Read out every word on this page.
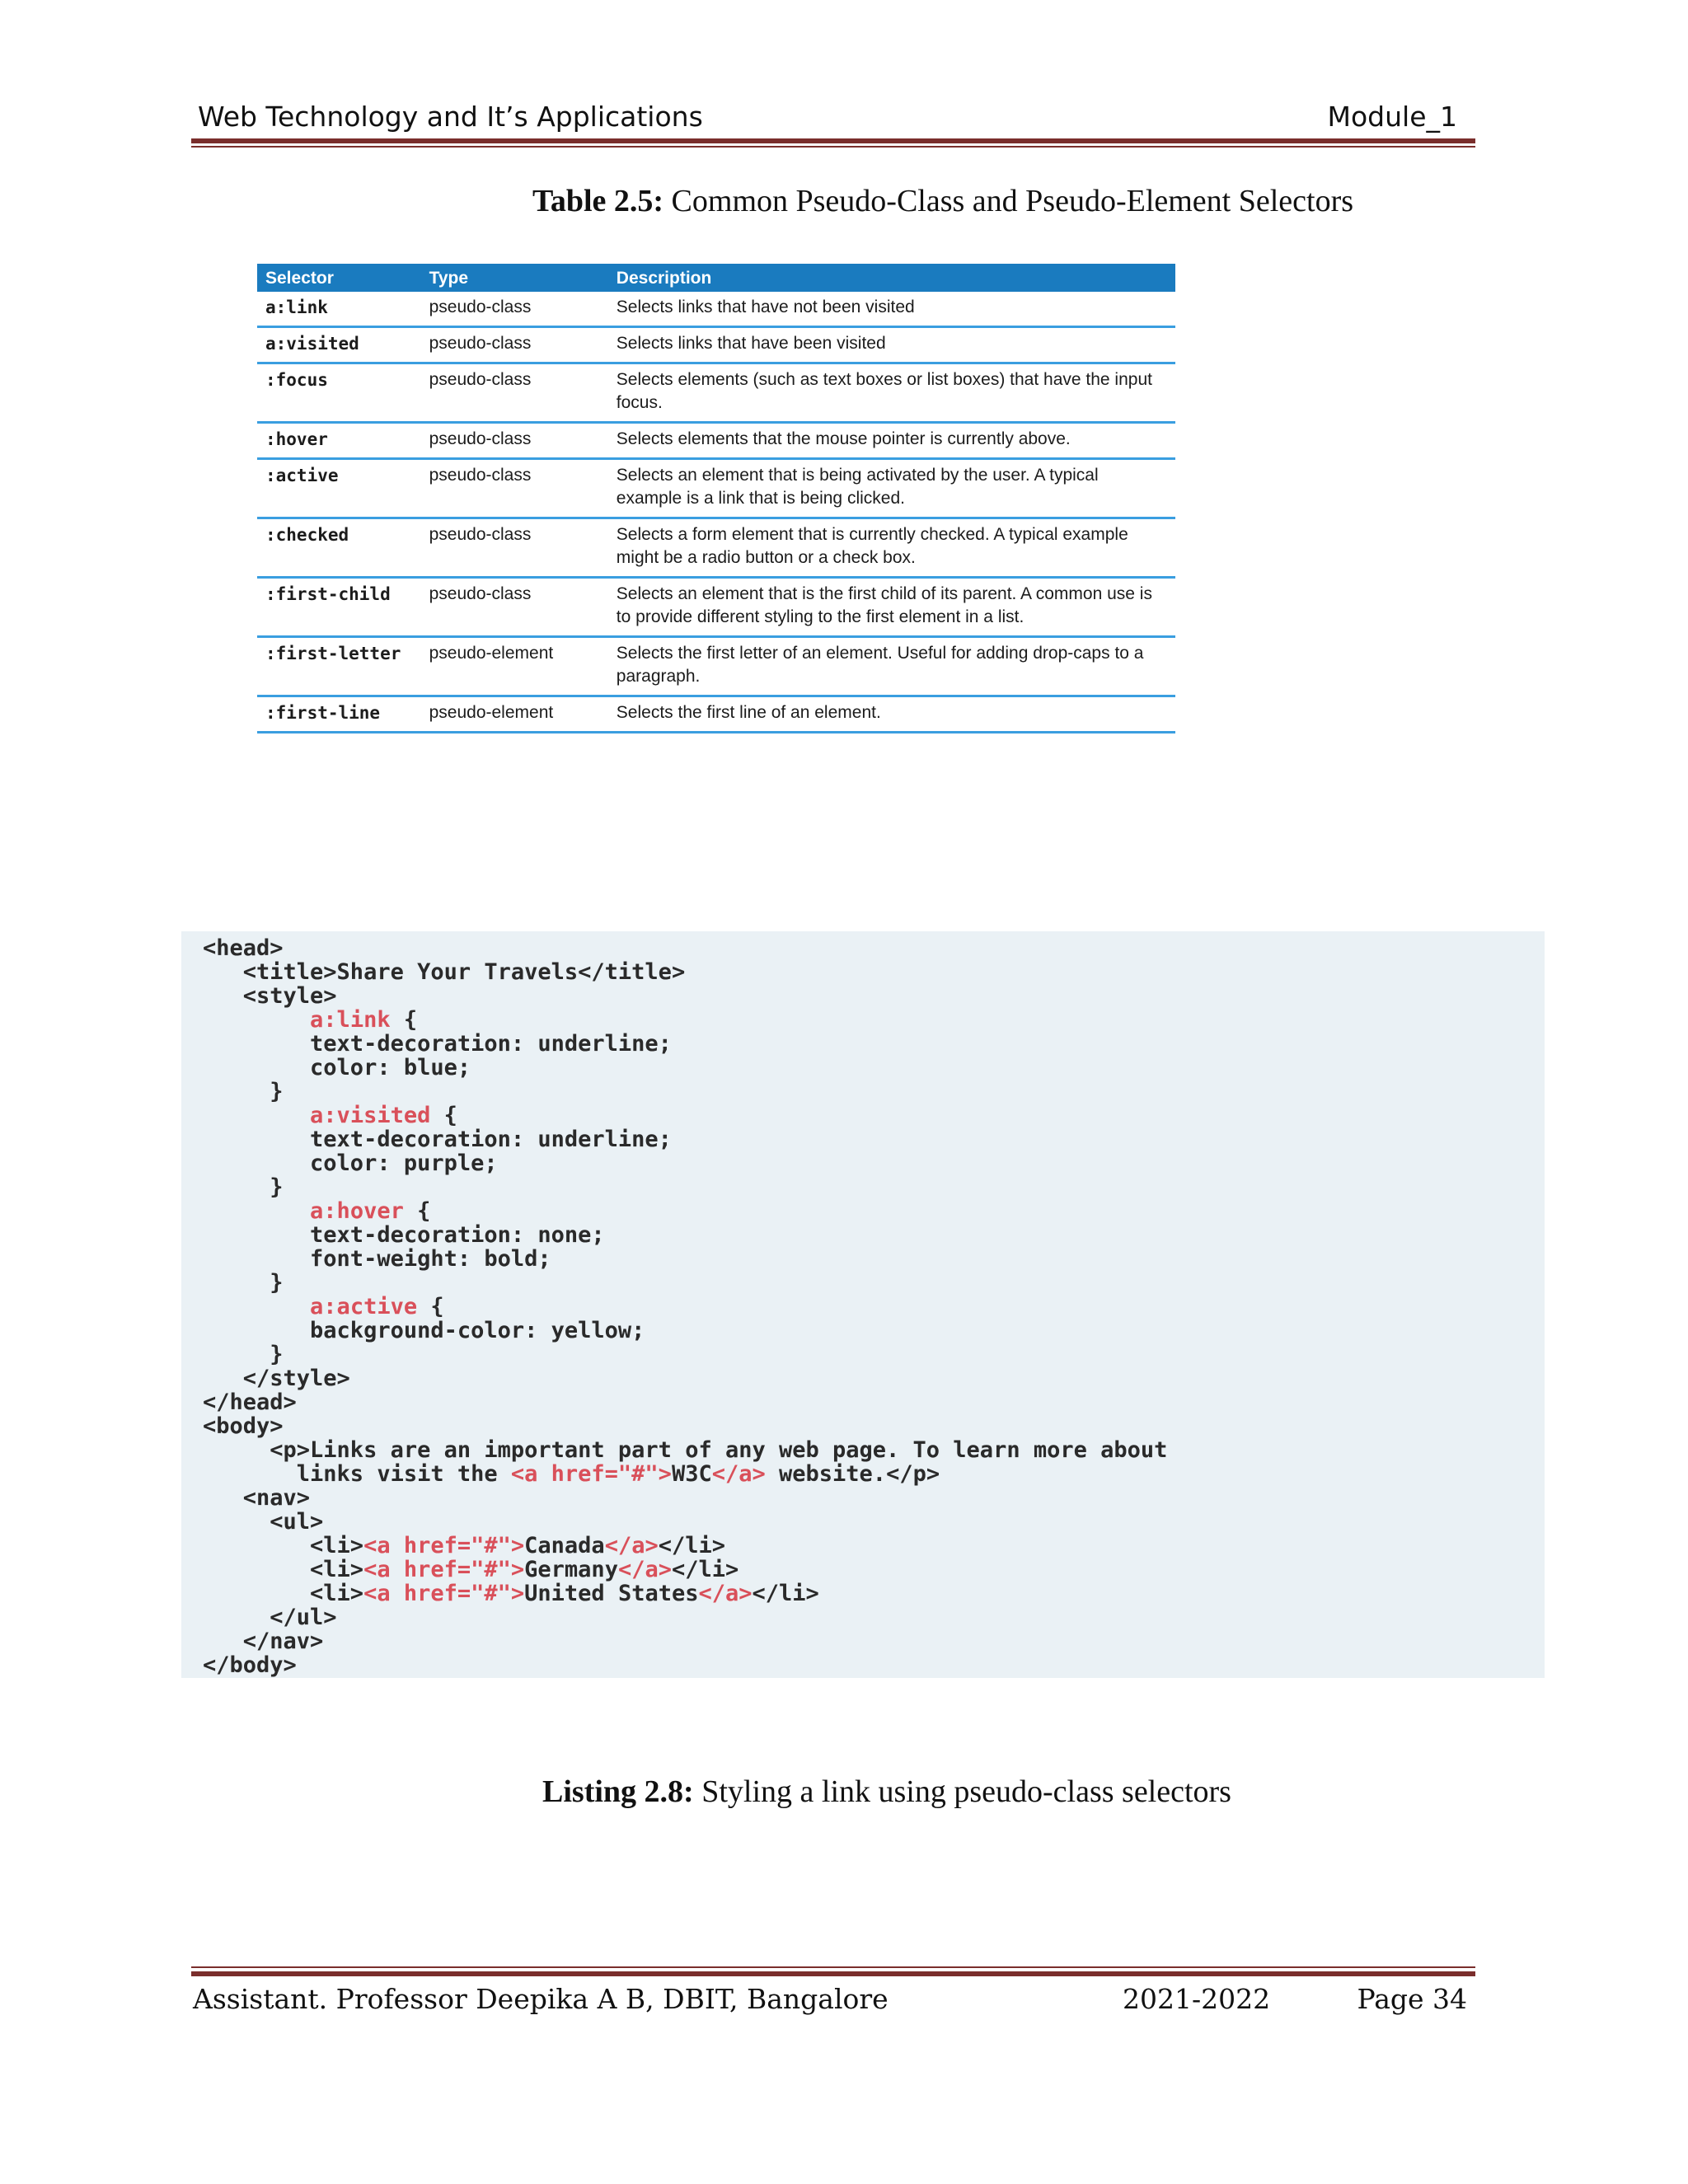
Web Technology and It’s Applications	Module_1
Table 2.5: Common Pseudo-Class and Pseudo-Element Selectors
Selector	Type	Description
a:link	pseudo-class	Selects links that have not been visited
a:visited	pseudo-class	Selects links that have been visited
:focus	pseudo-class	Selects elements (such as text boxes or list boxes) that have the input focus.
:hover	pseudo-class	Selects elements that the mouse pointer is currently above.
:active	pseudo-class	Selects an element that is being activated by the user. A typical example is a link that is being clicked.
:checked	pseudo-class	Selects a form element that is currently checked. A typical example might be a radio button or a check box.
:first-child	pseudo-class	Selects an element that is the first child of its parent. A common use is to provide different styling to the first element in a list.
:first-letter	pseudo-element	Selects the first letter of an element. Useful for adding drop-caps to a paragraph.
:first-line	pseudo-element	Selects the first line of an element.
<head>
<title>Share Your Travels</title>
<style>
a:link {
text-decoration: underline;
color: blue;
}
a:visited {
text-decoration: underline;
color: purple;
}
a:hover {
text-decoration: none;
font-weight: bold;
}
a:active {
background-color: yellow;
}
</style>
</head>
<body>
<p>Links are an important part of any web page. To learn more about
links visit the <a href="#">W3C</a> website.</p>
<nav>
<ul>
<li><a href="#">Canada</a></li>
<li><a href="#">Germany</a></li>
<li><a href="#">United States</a></li>
</ul>
</nav>
</body>
Listing 2.8: Styling a link using pseudo-class selectors
Assistant. Professor Deepika A B, DBIT, Bangalore	2021-2022	Page 34
